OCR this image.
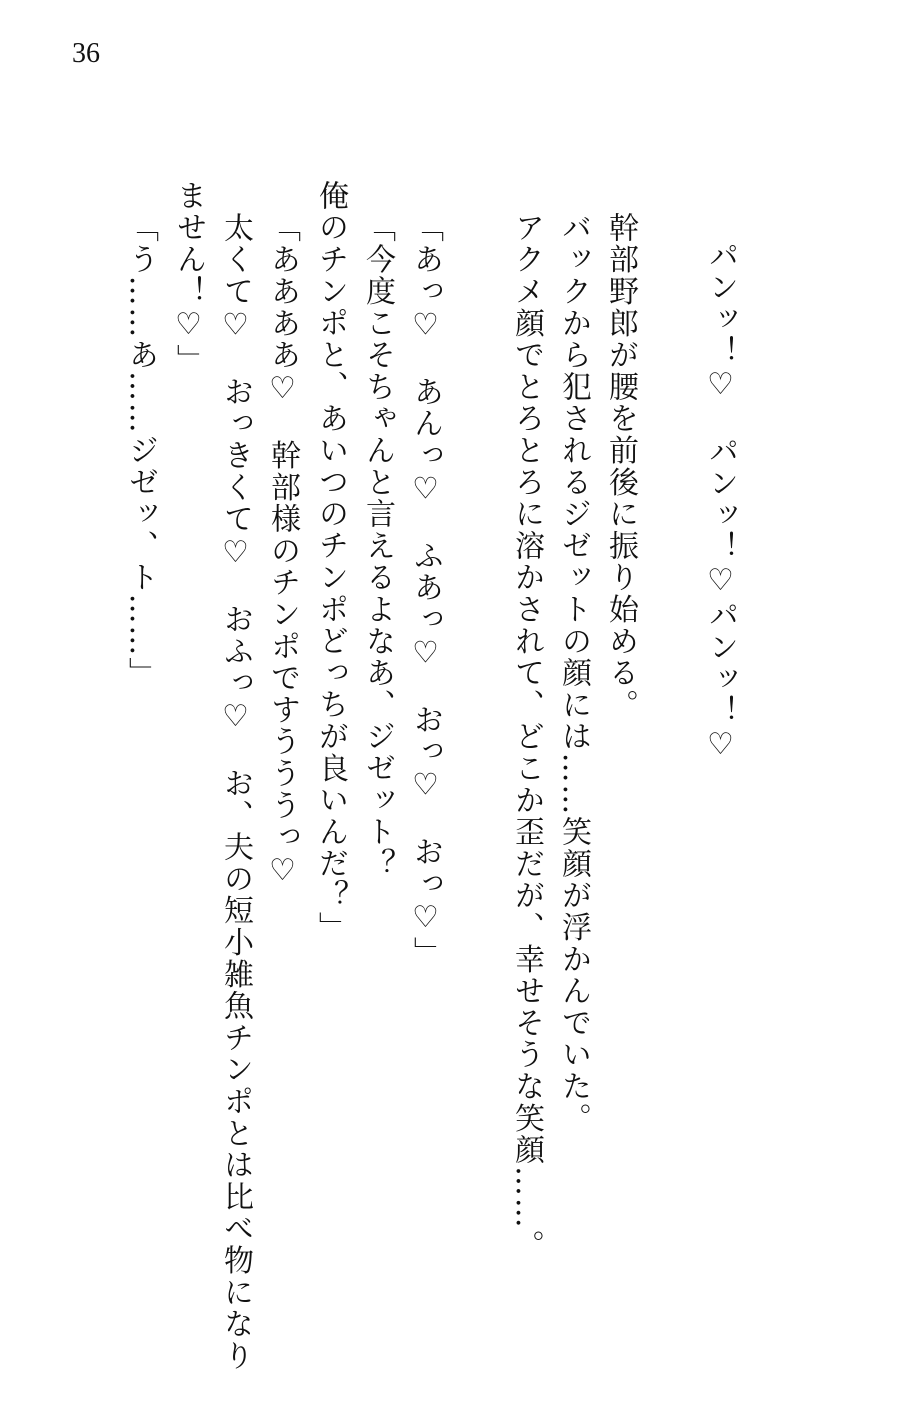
36
パンッ！♡　パンッ！♡パンッ！♡
幹部野郎が腰を前後に振り始める。
バックから犯されるジゼットの顔には……笑顔が浮かんでいた。
アクメ顔でとろとろに溶かされて、どこか歪だが、幸せそうな笑顔……。
「あっ♡　あんっ♡　ふあっ♡　おっ♡　おっ♡」
「今度こそちゃんと言えるよなあ、ジゼット？
俺のチンポと、あいつのチンポどっちが良いんだ？」
「ああああ♡　幹部様のチンポですうううっ♡
太くて♡　おっきくて♡　おふっ♡　お、夫の短小雑魚チンポとは比べ物になり
ません！♡」
「う……あ……ジゼッ、ト……」
